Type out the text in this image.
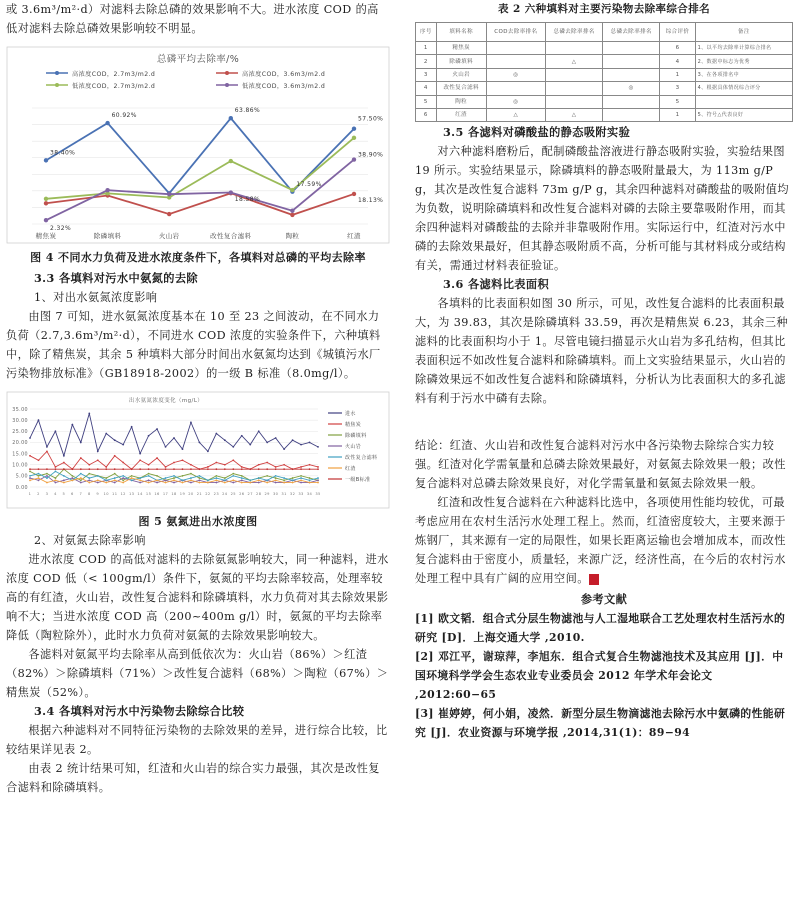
或 3.6m³/m²·d）对滤料去除总磷的效果影响不大。进水浓度 COD 的高低对滤料去除总磷效果影响较不明显。

总磷平均去除率/%
高浓度COD，2.7m3/m2.d	高浓度COD，3.6m3/m2.d
低浓度COD，2.7m3/m2.d	低浓度COD，3.6m3/m2.d
38.40%
60.92%
63.86%
57.50%
18.58%	18.13%
38.90%
2.32%
17.59%
精焦炭	除磷填料	火山岩	改性复合滤料	陶粒	红渣

图 4 不同水力负荷及进水浓度条件下，各填料对总磷的平均去除率

3.3 各填料对污水中氨氮的去除

1、对出水氨氮浓度影响

由图 7 可知，进水氨氮浓度基本在 10 至 23 之间波动，在不同水力负荷（2.7,3.6m³/m²·d），不同进水 COD 浓度的实验条件下，六种填料中，除了精焦炭，其余 5 种填料大部分时间出水氨氮均达到《城镇污水厂污染物排放标准》（GB18918-2002）的一级 B 标准（8.0mg/l）。

出水氨氮浓度变化（mg/L）
35.00
30.00
25.00
20.00
15.00
10.00
5.00
0.00
1 2 3 4 5 6 7 8 9 10 11 12 13 14 15 16 17 18 19 20 21 22 23 24 25 26 27 28 29 30 31 32 33 34 35
进水
精焦炭
除磷填料
火山岩
改性复合滤料
红渣
一级B标准

图 5 氨氮进出水浓度图

2、对氨氮去除率影响

进水浓度 COD 的高低对滤料的去除氨氮影响较大，同一种滤料，进水浓度 COD 低（< 100gm/l）条件下，氨氮的平均去除率较高，处理率较高的有红渣，火山岩，改性复合滤料和除磷填料，水力负荷对其去除效果影响不大；当进水浓度 COD 高（200~400m g/l）时，氨氮的平均去除率降低（陶粒除外），此时水力负荷对氨氮的去除效果影响较大。

各滤料对氨氮平均去除率从高到低依次为：火山岩（86%）＞红渣（82%）＞除磷填料（71%）＞改性复合滤料（68%）＞陶粒（67%）＞精焦炭（52%）。

3.4 各填料对污水中污染物去除综合比较

根据六种滤料对不同特征污染物的去除效果的差异，进行综合比较，比较结果详见表 2。

由表 2 统计结果可知，红渣和火山岩的综合实力最强，其次是改性复合滤料和除磷填料。

表 2 六种填料对主要污染物去除率综合排名

序号	填料名称	COD去除率排名	总磷去除率排名	总磷去除率排名	综合评价	备注
1	精焦炭				6	1、以平均去除率计算综合排名
2	除磷填料		△		4	2、数据中标志为优秀
3	火山岩	◎			1	3、在各项排名中
4	改性复合滤料			◎	3	4、根据具体情况综合评分
5	陶粒	◎			5	
6	红渣	△	△		1	5、符号△代表良好

3.5 各滤料对磷酸盐的静态吸附实验

对六种滤料磨粉后，配制磷酸盐溶液进行静态吸附实验，实验结果图 19 所示。实验结果显示，除磷填料的静态吸附量最大，为 113m g/P g，其次是改性复合滤料 73m g/P g，其余四种滤料对磷酸盐的吸附值均为负数，说明除磷填料和改性复合滤料对磷的去除主要靠吸附作用，而其余四种滤料对磷酸盐的去除并非靠吸附作用。实际运行中，红渣对污水中磷的去除效果最好，但其静态吸附质不高，分析可能与其材料成分或结构有关，需通过材料表征验证。

3.6 各滤料比表面积

各填料的比表面积如图 30 所示，可见，改性复合滤料的比表面积最大，为 39.83，其次是除磷填料 33.59，再次是精焦炭 6.23，其余三种滤料的比表面积均小于 1。尽管电镜扫描显示火山岩为多孔结构，但其比表面积远不如改性复合滤料和除磷填料。而上文实验结果显示，火山岩的除磷效果远不如改性复合滤料和除磷填料，分析认为比表面积大的多孔滤料有利于污水中磷有去除。

结论：红渣、火山岩和改性复合滤料对污水中各污染物去除综合实力较强。红渣对化学需氧量和总磷去除效果最好，对氨氮去除效果一般；改性复合滤料对总磷去除效果良好，对化学需氧量和氨氮去除效果一般。

红渣和改性复合滤料在六种滤料比选中，各项使用性能均较优，可最考虑应用在农村生活污水处理工程上。然而，红渣密度较大，主要来源于炼钢厂，其来源有一定的局限性，如果长距离运输也会增加成本，而改性复合滤料由于密度小，质量轻，来源广泛，经济性高，在今后的农村污水处理工程中具有广阔的应用空间。	E

参考文献

[1] 欧文韬．组合式分层生物滤池与人工湿地联合工艺处理农村生活污水的研究 [D]．上海交通大学 ,2010.

[2] 邓江平，谢琼萍，李旭东．组合式复合生物滤池技术及其应用 [J]．中国环境科学学会生态农业专业委员会 2012 年学术年会论文 ,2012:60−65

[3] 崔婷婷，何小娟，凌然．新型分层生物滴滤池去除污水中氨磷的性能研究 [J]．农业资源与环境学报 ,2014,31(1)：89−94
